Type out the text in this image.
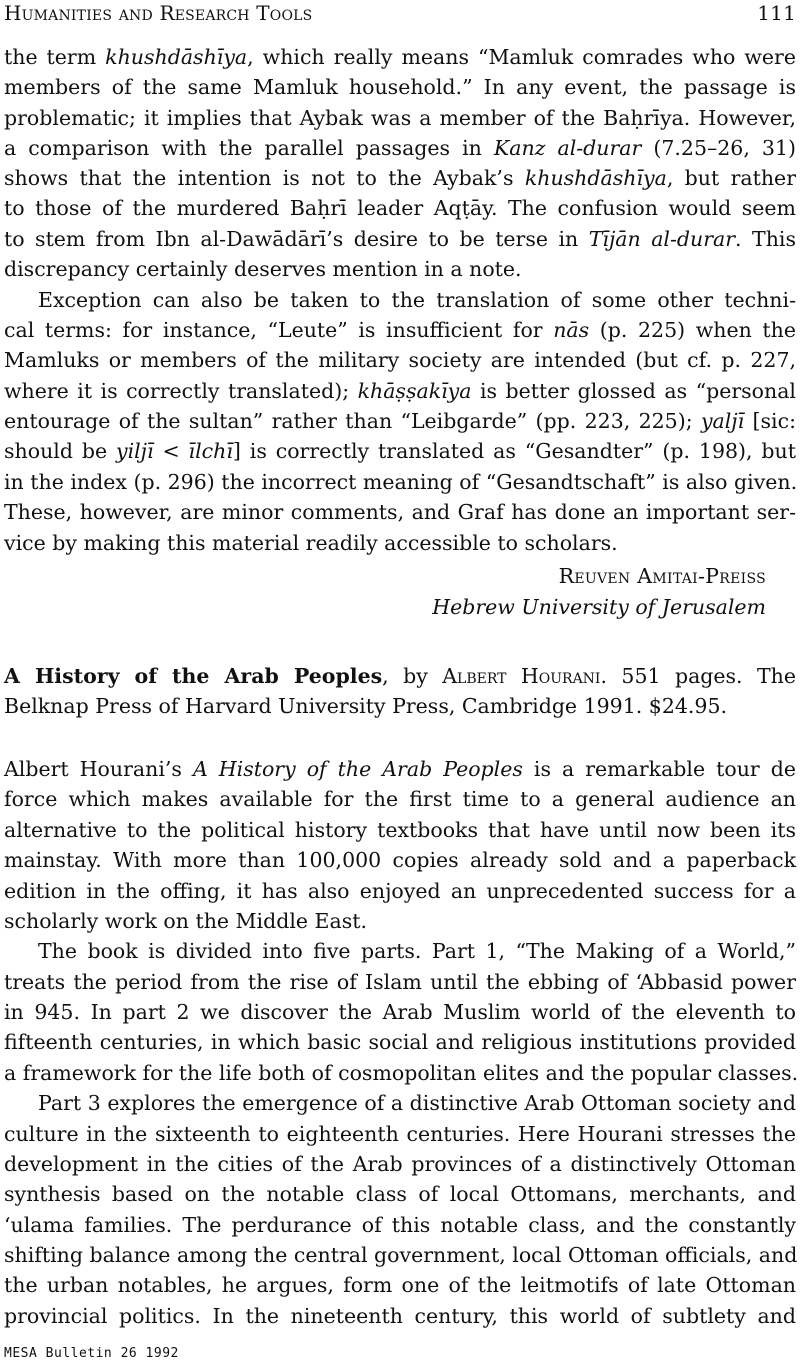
Humanities and Research Tools	111
the term khushdāshīya, which really means “Mamluk comrades who were
members of the same Mamluk household.” In any event, the passage is
problematic; it implies that Aybak was a member of the Baḥrīya. However,
a comparison with the parallel passages in Kanz al-durar (7.25–26, 31)
shows that the intention is not to the Aybak’s khushdāshīya, but rather
to those of the murdered Baḥrī leader Aqṭāy. The confusion would seem
to stem from Ibn al-Dawādārī’s desire to be terse in Tījān al-durar. This
discrepancy certainly deserves mention in a note.
Exception can also be taken to the translation of some other techni-
cal terms: for instance, “Leute” is insufficient for nās (p. 225) when the
Mamluks or members of the military society are intended (but cf. p. 227,
where it is correctly translated); khāṣṣakīya is better glossed as “personal
entourage of the sultan” rather than “Leibgarde” (pp. 223, 225); yaljī [sic:
should be yiljī < īlchī] is correctly translated as “Gesandter” (p. 198), but
in the index (p. 296) the incorrect meaning of “Gesandtschaft” is also given.
These, however, are minor comments, and Graf has done an important ser-
vice by making this material readily accessible to scholars.
Reuven Amitai-Preiss
Hebrew University of Jerusalem
A History of the Arab Peoples, by Albert Hourani. 551 pages. The
Belknap Press of Harvard University Press, Cambridge 1991. $24.95.
Albert Hourani’s A History of the Arab Peoples is a remarkable tour de
force which makes available for the first time to a general audience an
alternative to the political history textbooks that have until now been its
mainstay. With more than 100,000 copies already sold and a paperback
edition in the offing, it has also enjoyed an unprecedented success for a
scholarly work on the Middle East.
The book is divided into five parts. Part 1, “The Making of a World,”
treats the period from the rise of Islam until the ebbing of ‘Abbasid power
in 945. In part 2 we discover the Arab Muslim world of the eleventh to
fifteenth centuries, in which basic social and religious institutions provided
a framework for the life both of cosmopolitan elites and the popular classes.
Part 3 explores the emergence of a distinctive Arab Ottoman society and
culture in the sixteenth to eighteenth centuries. Here Hourani stresses the
development in the cities of the Arab provinces of a distinctively Ottoman
synthesis based on the notable class of local Ottomans, merchants, and
‘ulama families. The perdurance of this notable class, and the constantly
shifting balance among the central government, local Ottoman officials, and
the urban notables, he argues, form one of the leitmotifs of late Ottoman
provincial politics. In the nineteenth century, this world of subtlety and
MESA Bulletin 26 1992
